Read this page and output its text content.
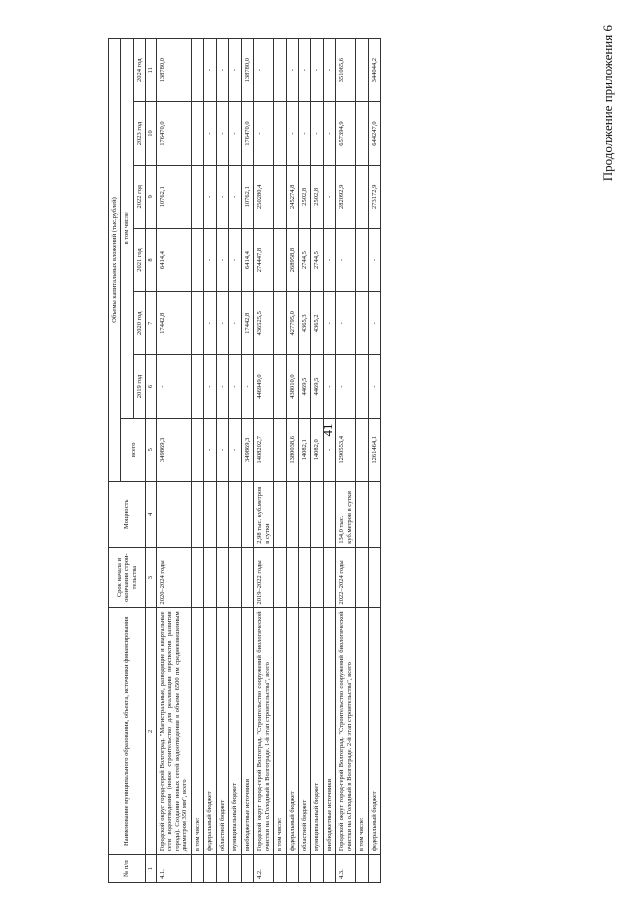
41
Продолжение приложения 6
№ п/п	Наименование муниципального образования, объекта, источники финансирования	Срок начала и окончания строи- тельства	Мощность	Объемы капитальных вложений (тыс.рублей)						
				всего	в том числе					
					2019 год	2020 год	2021 год	2022 год	2023 год	2024 год
1	2	3	4	5	6	7	8	9	10	11
4.1.	Городской округ город-герой Волгоград. "Магистральные, разводящие и квартальные сети водоотведения (новое строительство для реализации перспектив развития города). Создание новых сетей водоотведения в объеме 6500 пм средневзвешенным диаметром 350 мм", всего	2020–2024 годы		349869,3	-	17442,8	6414,4	10762,1	176470,0	138780,0
	в том числе:									
	федеральный бюджет			-	-	-	-	-	-	-
	областной бюджет			-	-	-	-	-	-	-
	муниципальный бюджет			-	-	-	-	-	-	-
	внебюджетные источники			349869,3	-	17442,8	6414,4	10762,1	176470,0	138780,0
4.2.	Городской округ город-герой Волгоград. "Строительство сооружений биологической очистки на о.Голодный в Волгограде. 1-й этап строительства", всего	2019–2022 годы	2,98 тыс. куб.метров в сутки	1408202,7	446949,0	436525,5	274447,8	250280,4	-	-
	в том числе:									
	федеральный бюджет			1380038,6	438010,0	427795,0	268958,8	245274,8	-	-
	областной бюджет			14082,1	4469,5	4365,3	2744,5	2502,8	-	-
	муниципальный бюджет			14082,0	4469,5	4365,2	2744,5	2502,8	-	-
	внебюджетные источники			-	-	-	-	-	-	-
4.3.	Городской округ город-герой Волгоград. "Строительство сооружений биологической очистки на о.Голодный в Волгограде. 2-й этап строительства", всего	2022–2024 годы	134,0 тыс. куб.метров в сутки	1290553,4	-	-	-	282092,9	657394,9	351065,6
	в том числе:									
	федеральный бюджет			1261464,1	-	-	-	273172,9	644247,0	344044,2
